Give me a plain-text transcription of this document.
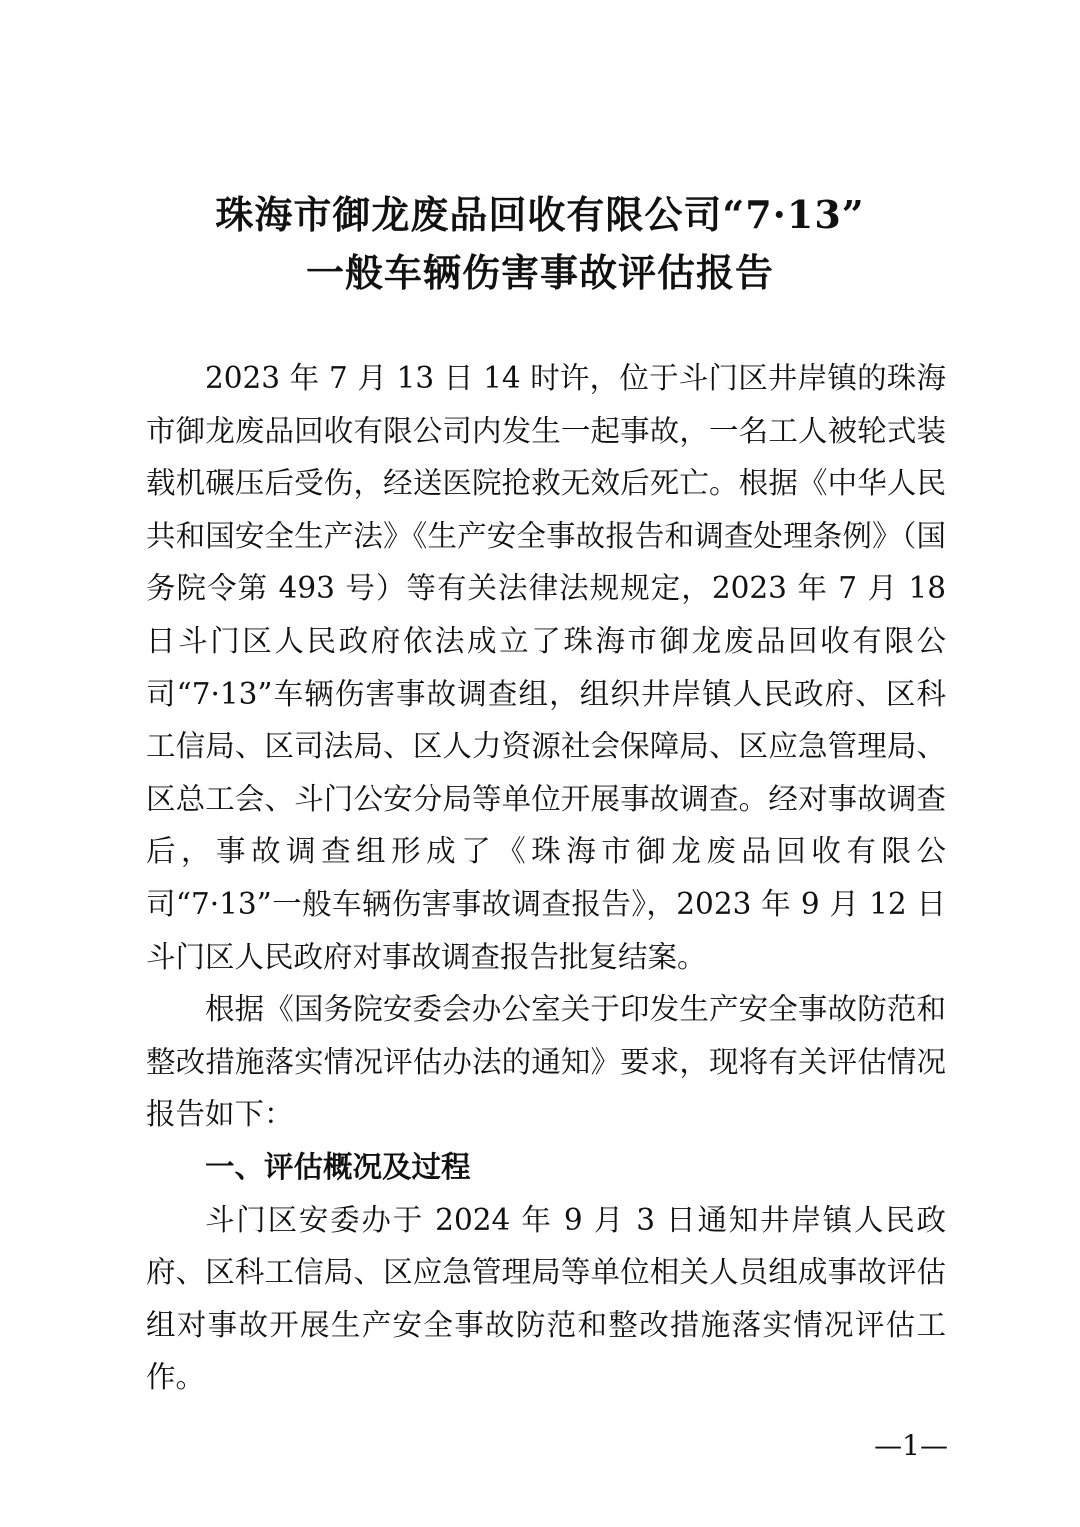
珠海市御龙废品回收有限公司“7·13”
一般车辆伤害事故评估报告

2023 年 7 月 13 日 14 时许，位于斗门区井岸镇的珠海市御龙废品回收有限公司内发生一起事故，一名工人被轮式装载机碾压后受伤，经送医院抢救无效后死亡。根据《中华人民共和国安全生产法》《生产安全事故报告和调查处理条例》（国务院令第 493 号）等有关法律法规规定，2023 年 7 月 18 日斗门区人民政府依法成立了珠海市御龙废品回收有限公司“7·13”车辆伤害事故调查组，组织井岸镇人民政府、区科工信局、区司法局、区人力资源社会保障局、区应急管理局、区总工会、斗门公安分局等单位开展事故调查。经对事故调查后，事故调查组形成了《珠海市御龙废品回收有限公司“7·13”一般车辆伤害事故调查报告》，2023 年 9 月 12 日斗门区人民政府对事故调查报告批复结案。

根据《国务院安委会办公室关于印发生产安全事故防范和整改措施落实情况评估办法的通知》要求，现将有关评估情况报告如下：

一、评估概况及过程

斗门区安委办于 2024 年 9 月 3 日通知井岸镇人民政府、区科工信局、区应急管理局等单位相关人员组成事故评估组对事故开展生产安全事故防范和整改措施落实情况评估工作。

—1—
